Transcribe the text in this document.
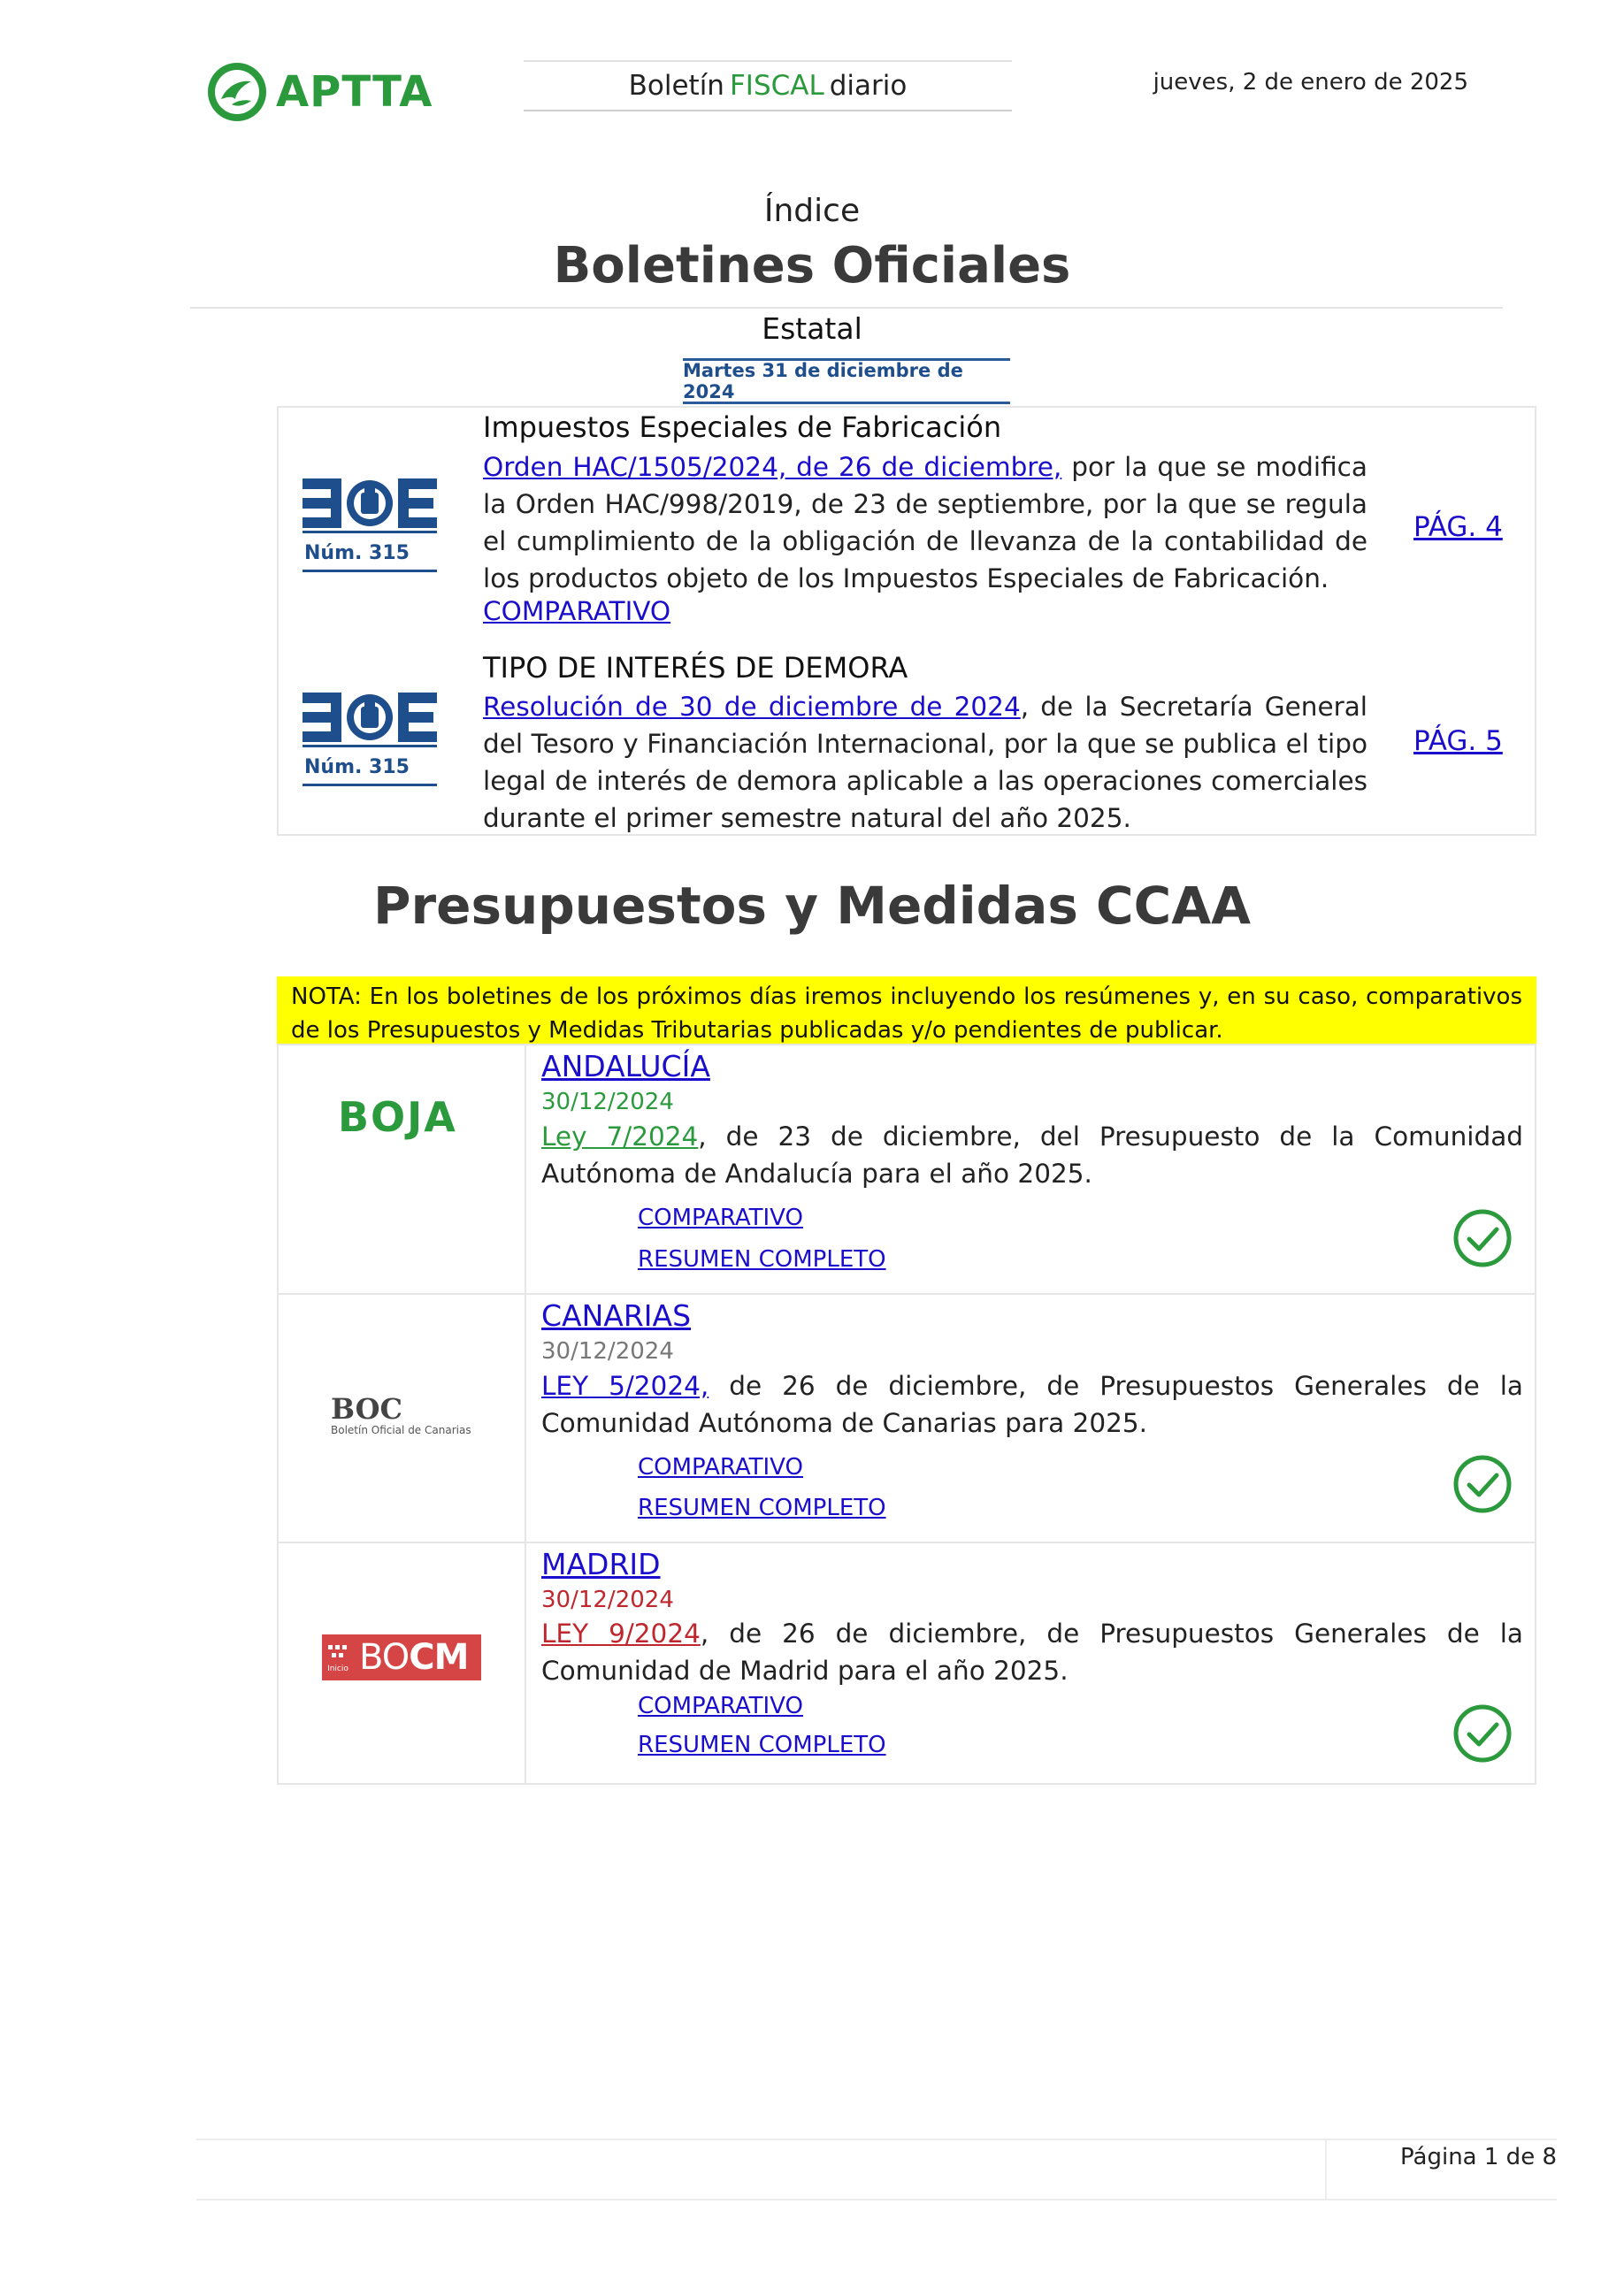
APTTA	Boletín FISCAL diario	jueves, 2 de enero de 2025
Índice
Boletines Oficiales
Estatal
Martes 31 de diciembre de 2024
Núm. 315
Impuestos Especiales de Fabricación
Orden HAC/1505/2024, de 26 de diciembre, por la que se modifica la Orden HAC/998/2019, de 23 de septiembre, por la que se regula el cumplimiento de la obligación de llevanza de la contabilidad de los productos objeto de los Impuestos Especiales de Fabricación.
COMPARATIVO
PÁG. 4
Núm. 315
TIPO DE INTERÉS DE DEMORA
Resolución de 30 de diciembre de 2024, de la Secretaría General del Tesoro y Financiación Internacional, por la que se publica el tipo legal de interés de demora aplicable a las operaciones comerciales durante el primer semestre natural del año 2025.
PÁG. 5
Presupuestos y Medidas CCAA
NOTA: En los boletines de los próximos días iremos incluyendo los resúmenes y, en su caso, comparativos de los Presupuestos y Medidas Tributarias publicadas y/o pendientes de publicar.
BOJA
ANDALUCÍA
30/12/2024
Ley 7/2024, de 23 de diciembre, del Presupuesto de la Comunidad Autónoma de Andalucía para el año 2025.
COMPARATIVO
RESUMEN COMPLETO
BOC
Boletín Oficial de Canarias
CANARIAS
30/12/2024
LEY 5/2024, de 26 de diciembre, de Presupuestos Generales de la Comunidad Autónoma de Canarias para 2025.
COMPARATIVO
RESUMEN COMPLETO
Inicio BO CM
MADRID
30/12/2024
LEY 9/2024, de 26 de diciembre, de Presupuestos Generales de la Comunidad de Madrid para el año 2025.
COMPARATIVO
RESUMEN COMPLETO
Página 1 de 8
